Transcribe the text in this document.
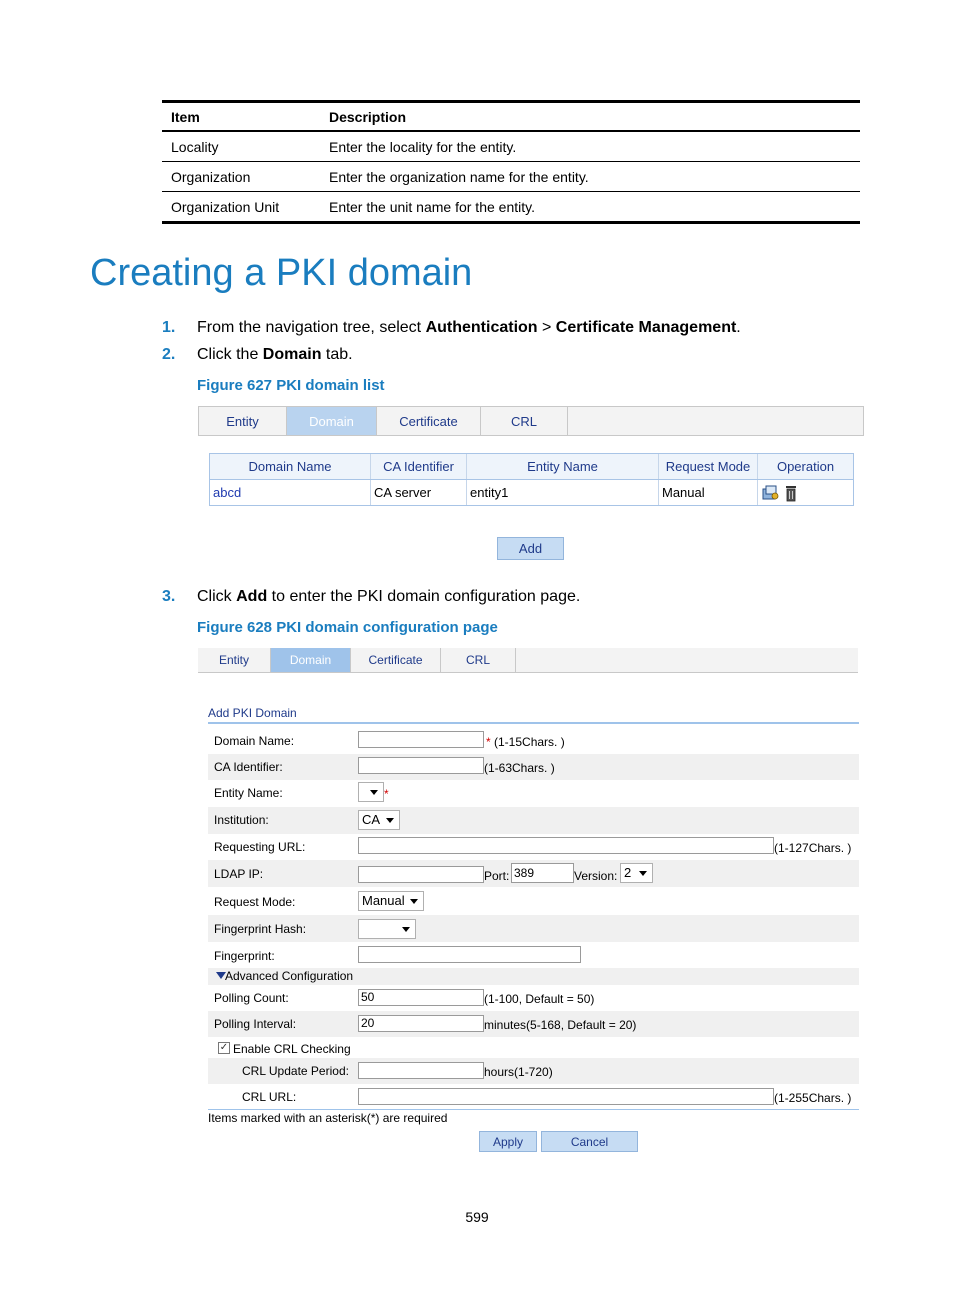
Item	Description
Locality	Enter the locality for the entity.
Organization	Enter the organization name for the entity.
Organization Unit	Enter the unit name for the entity.
Creating a PKI domain
1. From the navigation tree, select Authentication > Certificate Management.
2. Click the Domain tab.
Figure 627 PKI domain list
Entity	Domain	Certificate	CRL
Domain Name	CA Identifier	Entity Name	Request Mode	Operation
abcd	CA server	entity1	Manual
Add
3. Click Add to enter the PKI domain configuration page.
Figure 628 PKI domain configuration page
Entity	Domain	Certificate	CRL
Add PKI Domain
Domain Name:	* (1-15Chars. )
CA Identifier:	(1-63Chars. )
Entity Name:	*
Institution:	CA
Requesting URL:	(1-127Chars. )
LDAP IP:	Port: 389	Version: 2
Request Mode:	Manual
Fingerprint Hash:
Fingerprint:
Advanced Configuration
Polling Count:	50	(1-100, Default = 50)
Polling Interval:	20	minutes(5-168, Default = 20)
✓ Enable CRL Checking
CRL Update Period:	hours(1-720)
CRL URL:	(1-255Chars. )
Items marked with an asterisk(*) are required
Apply	Cancel
599
